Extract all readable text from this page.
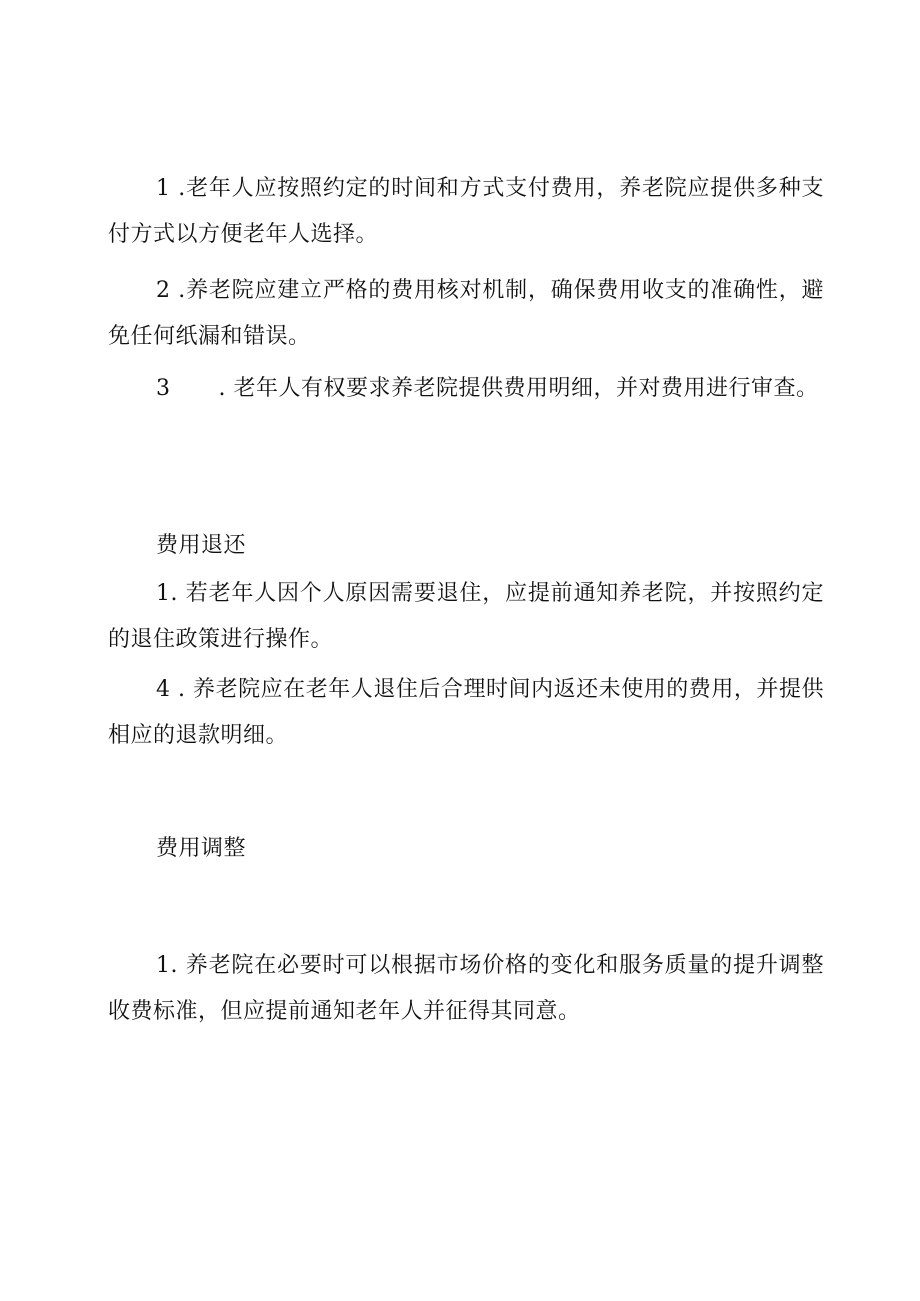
1 .老年人应按照约定的时间和方式支付费用，养老院应提供多种支付方式以方便老年人选择。

2 .养老院应建立严格的费用核对机制，确保费用收支的准确性，避免任何纸漏和错误。

3 . 老年人有权要求养老院提供费用明细，并对费用进行审查。

费用退还

1. 若老年人因个人原因需要退住，应提前通知养老院，并按照约定的退住政策进行操作。

4 . 养老院应在老年人退住后合理时间内返还未使用的费用，并提供相应的退款明细。

费用调整

1. 养老院在必要时可以根据市场价格的变化和服务质量的提升调整收费标准，但应提前通知老年人并征得其同意。
